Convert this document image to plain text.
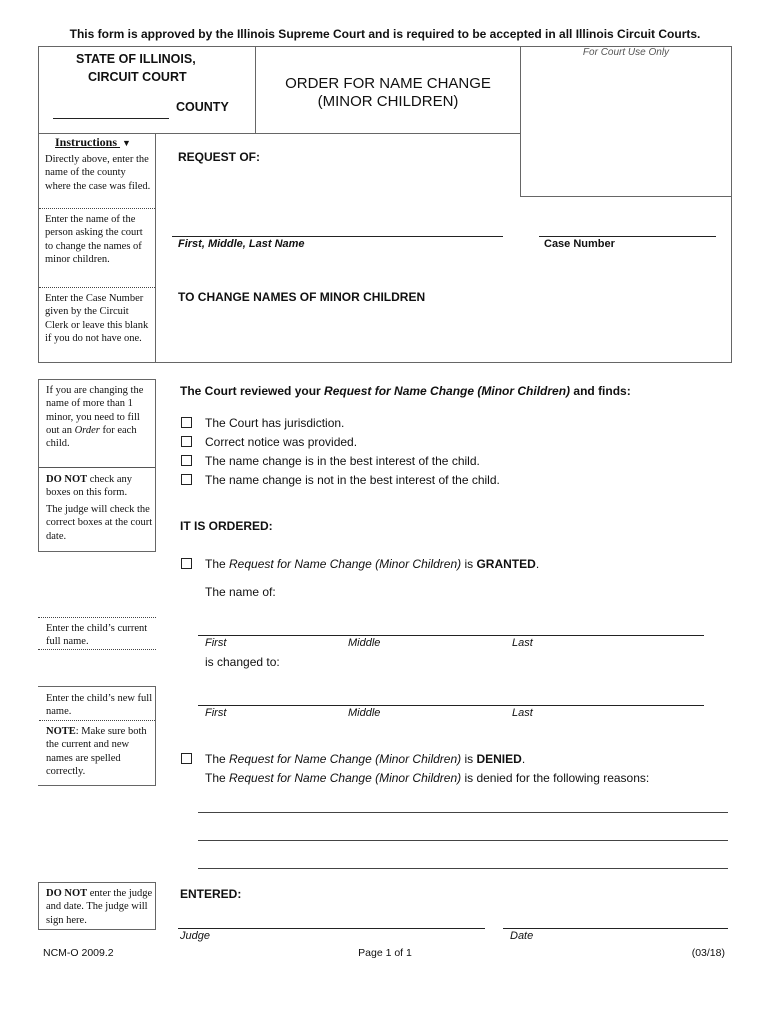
This form is approved by the Illinois Supreme Court and is required to be accepted in all Illinois Circuit Courts.
STATE OF ILLINOIS,
CIRCUIT COURT
COUNTY
ORDER FOR NAME CHANGE
(MINOR CHILDREN)
For Court Use Only
Instructions ▼
Directly above, enter the name of the county where the case was filed.
Enter the name of the person asking the court to change the names of minor children.
Enter the Case Number given by the Circuit Clerk or leave this blank if you do not have one.
REQUEST OF:
First, Middle, Last Name	Case Number
TO CHANGE NAMES OF MINOR CHILDREN
If you are changing the name of more than 1 minor, you need to fill out an Order for each child.
DO NOT check any boxes on this form.
The judge will check the correct boxes at the court date.
The Court reviewed your Request for Name Change (Minor Children) and finds:
The Court has jurisdiction.
Correct notice was provided.
The name change is in the best interest of the child.
The name change is not in the best interest of the child.
IT IS ORDERED:
The Request for Name Change (Minor Children) is GRANTED.
The name of:
Enter the child’s current full name.	First	Middle	Last
is changed to:
Enter the child’s new full name.
NOTE: Make sure both the current and new names are spelled correctly.
First	Middle	Last
The Request for Name Change (Minor Children) is DENIED.
The Request for Name Change (Minor Children) is denied for the following reasons:
DO NOT enter the judge and date. The judge will sign here.
ENTERED:
Judge	Date
NCM-O 2009.2	Page 1 of 1	(03/18)
